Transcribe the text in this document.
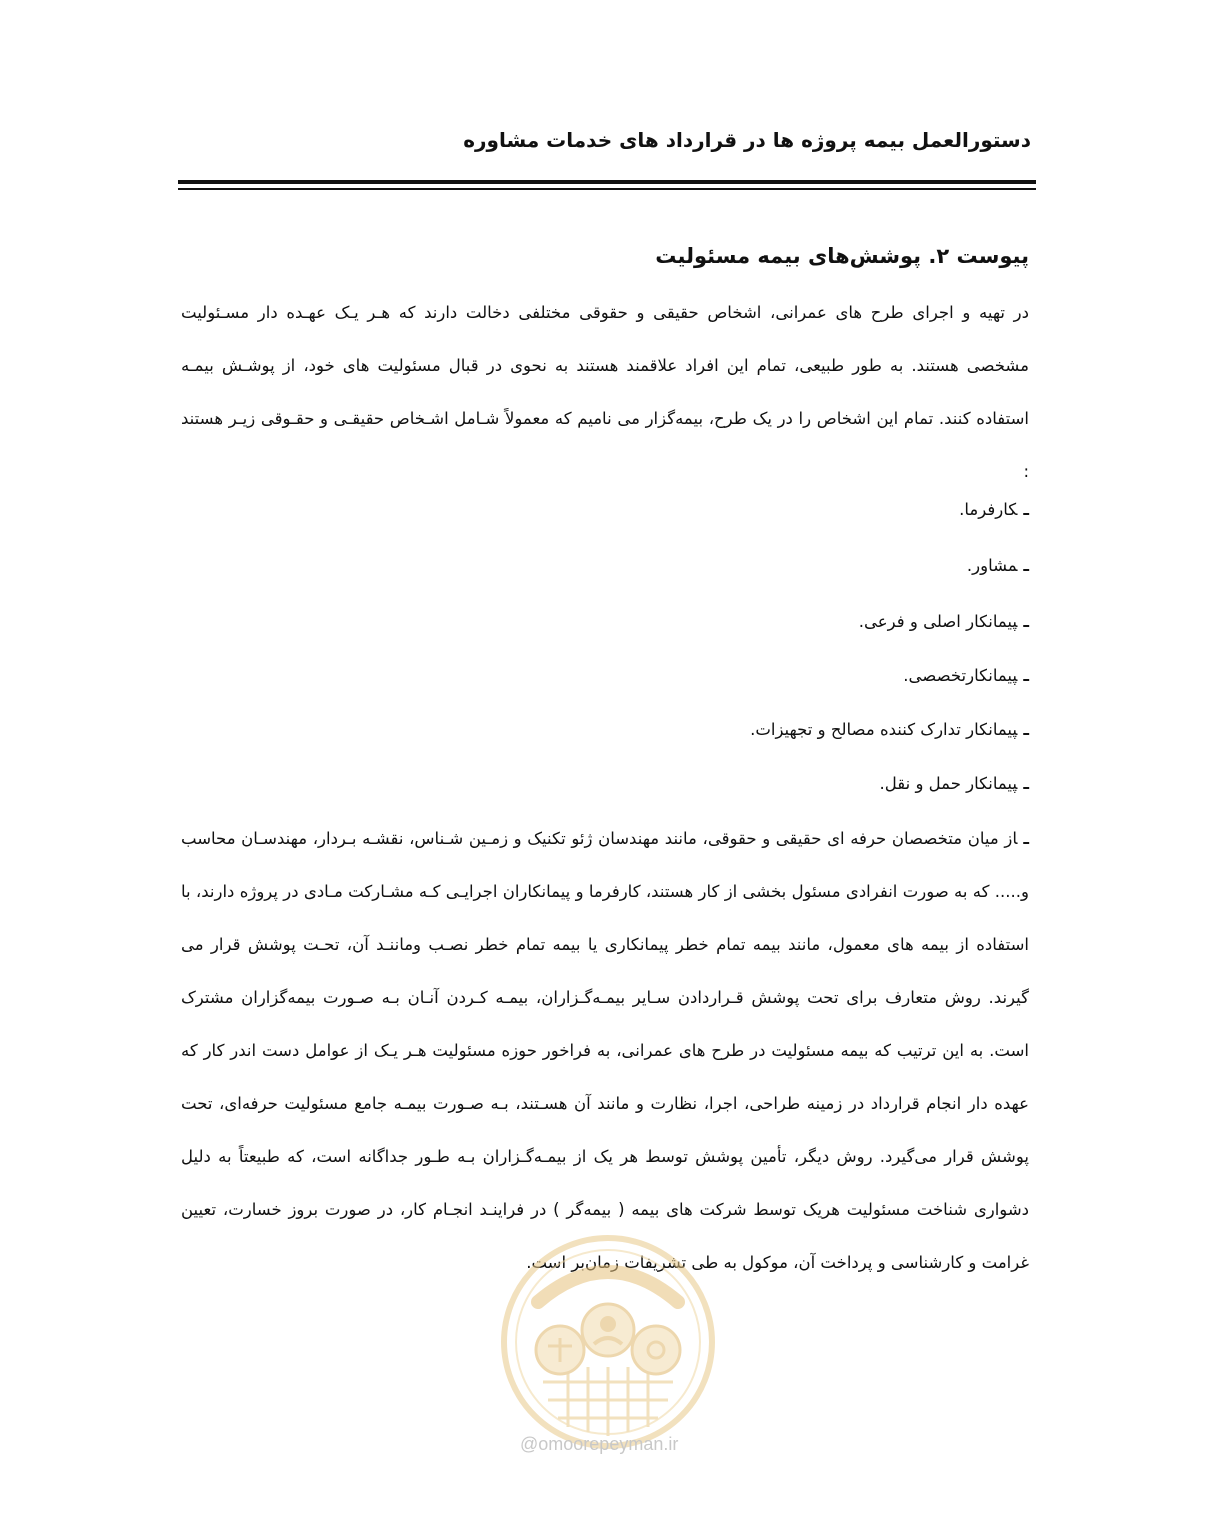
دستورالعمل بیمه پروژه ها در قرارداد های خدمات مشاوره
پیوست ۲. پوشش‌های بیمه مسئولیت

در تهیه و اجرای طرح های عمرانی، اشخاص حقیقی و حقوقی مختلفی دخالت دارند که هـر یـک عهـده دار مسـئولیت مشخصی هستند. به طور طبیعی، تمام این افراد علاقمند هستند به نحوی در قبال مسئولیت های خود، از پوشـش بیمـه استفاده کنند. تمام این اشخاص را در یک طرح، بیمه‌گزار می نامیم که معمولاً شـامل اشـخاص حقیقـی و حقـوقی زیـر هستند :

ـکارفرما.
ـمشاور.
ـپیمانکار اصلی و فرعی.
ـپیمانکارتخصصی.
ـپیمانکار تدارک کننده مصالح و تجهیزات.
ـپیمانکار حمل و نقل.

ـاز میان متخصصان حرفه ای حقیقی و حقوقی، مانند مهندسان ژئو تکنیک و زمـین شـناس، نقشـه بـردار، مهندسـان محاسب و..... که به صورت انفرادی مسئول بخشی از کار هستند، کارفرما و پیمانکاران اجرایـی کـه مشـارکت مـادی در پروژه دارند، با استفاده از بیمه های معمول، مانند بیمه تمام خطر پیمانکاری یا بیمه تمام خطر نصـب وماننـد آن، تحـت پوشش قرار می گیرند. روش متعارف برای تحت پوشش قـراردادن سـایر بیمـه‌گـزاران، بیمـه کـردن آنـان بـه صـورت بیمه‌گزاران مشترک است. به این ترتیب که بیمه مسئولیت در طرح های عمرانی، به فراخور حوزه مسئولیت هـر یـک از عوامل دست اندر کار که عهده دار انجام قرارداد در زمینه طراحی، اجرا، نظارت و مانند آن هسـتند، بـه صـورت بیمـه جامع مسئولیت حرفه‌ای، تحت پوشش قرار می‌گیرد. روش دیگر، تأمین پوشش توسط هر یک از بیمـه‌گـزاران بـه طـور جداگانه است، که طبیعتاً به دلیل دشواری شناخت مسئولیت هریک توسط شرکت های بیمه ( بیمه‌گر ) در فراینـد انجـام کار، در صورت بروز خسارت، تعیین غرامت و کارشناسی و پرداخت آن، موکول به طی تشریفات زمان‌بر است.

@omoorepeyman.ir
